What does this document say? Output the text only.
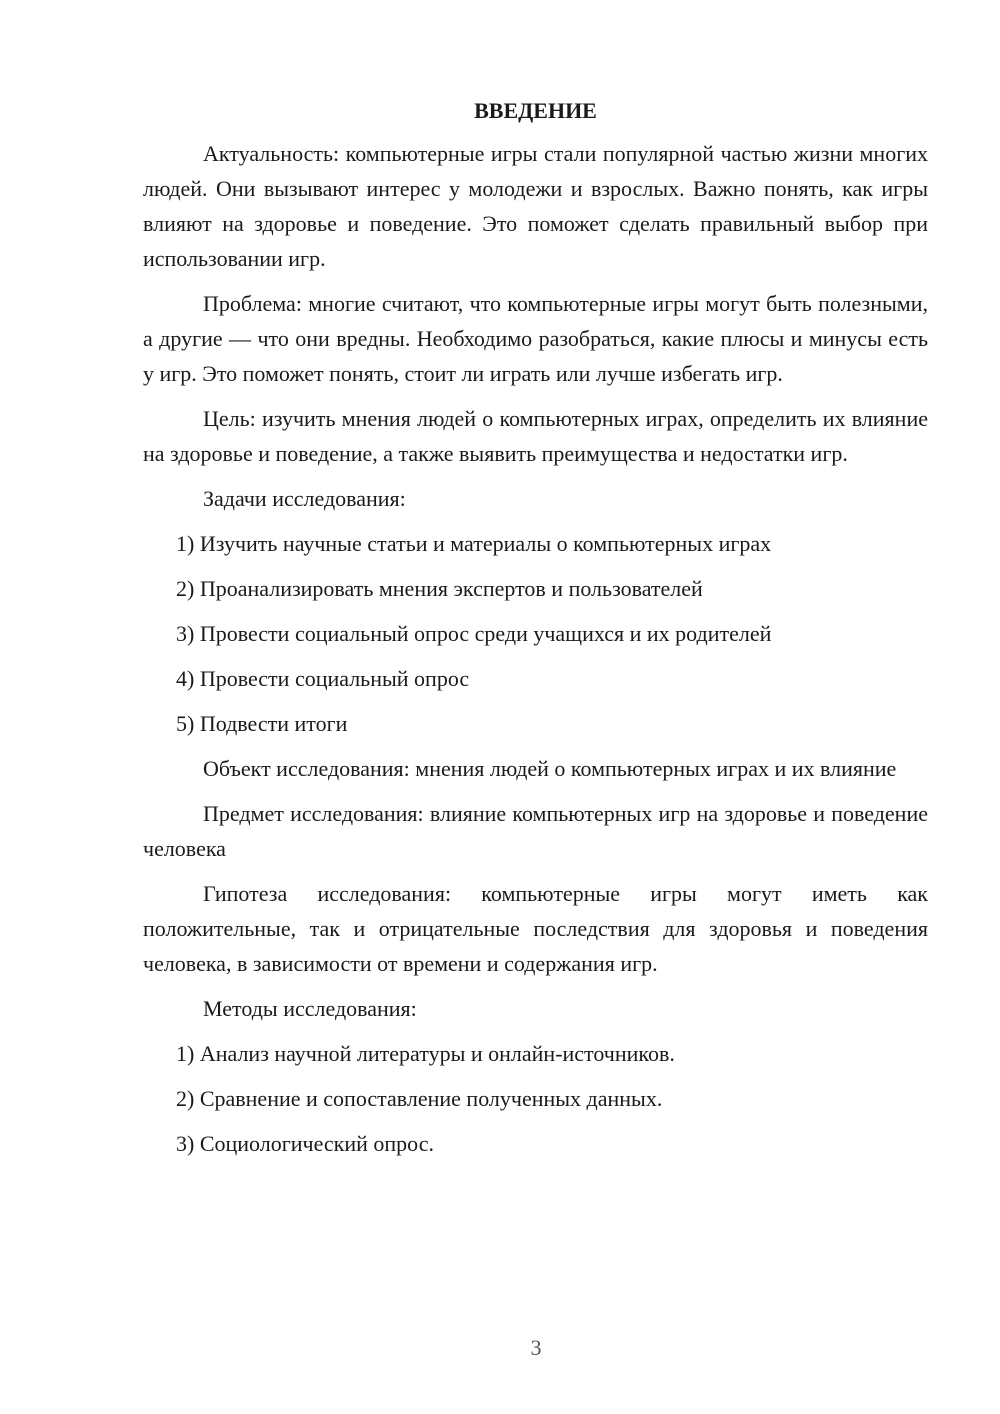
ВВЕДЕНИЕ

Актуальность: компьютерные игры стали популярной частью жизни многих людей. Они вызывают интерес у молодежи и взрослых. Важно понять, как игры влияют на здоровье и поведение. Это поможет сделать правильный выбор при использовании игр.

Проблема: многие считают, что компьютерные игры могут быть полезными, а другие — что они вредны. Необходимо разобраться, какие плюсы и минусы есть у игр. Это поможет понять, стоит ли играть или лучше избегать игр.

Цель: изучить мнения людей о компьютерных играх, определить их влияние на здоровье и поведение, а также выявить преимущества и недостатки игр.

Задачи исследования:

1) Изучить научные статьи и материалы о компьютерных играх
2) Проанализировать мнения экспертов и пользователей
3) Провести социальный опрос среди учащихся и их родителей
4) Провести социальный опрос
5) Подвести итоги

Объект исследования: мнения людей о компьютерных играх и их влияние

Предмет исследования: влияние компьютерных игр на здоровье и поведение человека

Гипотеза исследования: компьютерные игры могут иметь как положительные, так и отрицательные последствия для здоровья и поведения человека, в зависимости от времени и содержания игр.

Методы исследования:

1) Анализ научной литературы и онлайн-источников.
2) Сравнение и сопоставление полученных данных.
3) Социологический опрос.
3
